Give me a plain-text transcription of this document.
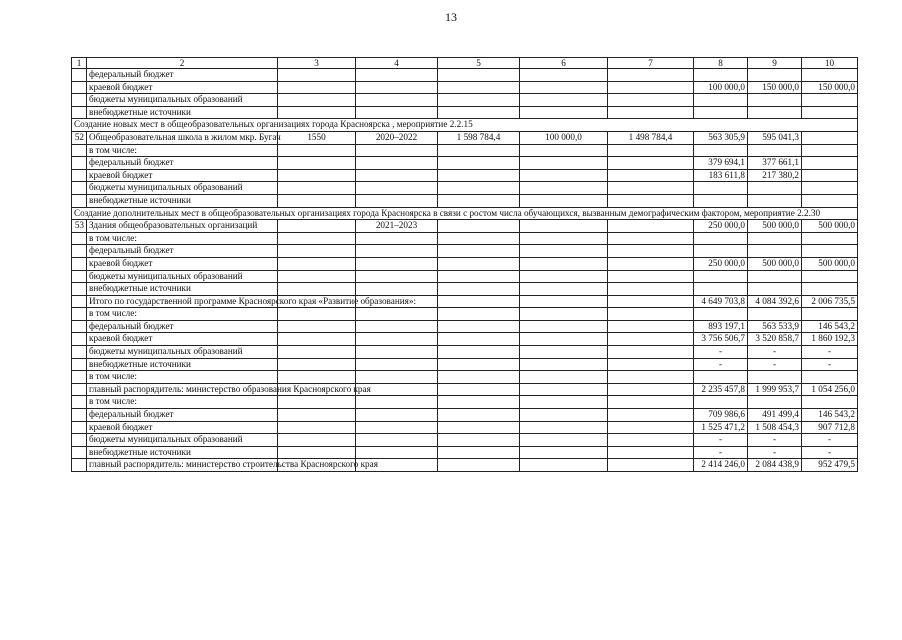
13
1	2	3	4	5	6	7	8	9	10
	федеральный бюджет								
	краевой бюджет						100 000,0	150 000,0	150 000,0
	бюджеты муниципальных образований								
	внебюджетные источники								
Создание новых мест в общеобразовательных организациях города Красноярска , мероприятие 2.2.15									
52	Общеобразовательная школа в жилом мкр. Бугач	1550	2020–2022	1 598 784,4	100 000,0	1 498 784,4	563 305,9	595 041,3	
	в том числе:								
	федеральный бюджет						379 694,1	377 661,1	
	краевой бюджет						183 611,8	217 380,2	
	бюджеты муниципальных образований								
	внебюджетные источники								
Создание дополнительных мест в общеобразовательных организациях города Красноярска в связи с ростом числа обучающихся, вызванным демографическим фактором, мероприятие 2.2.30									
53	Здания общеобразовательных организаций		2021–2023				250 000,0	500 000,0	500 000,0
	в том числе:								
	федеральный бюджет								
	краевой бюджет						250 000,0	500 000,0	500 000,0
	бюджеты муниципальных образований								
	внебюджетные источники								
	Итого по государственной программе Красноярского края «Развитие образования»:						4 649 703,8	4 084 392,6	2 006 735,5
	в том числе:								
	федеральный бюджет						893 197,1	563 533,9	146 543,2
	краевой бюджет						3 756 506,7	3 520 858,7	1 860 192,3
	бюджеты муниципальных образований						-	-	-
	внебюджетные источники						-	-	-
	в том числе:								
	главный распорядитель: министерство образования Красноярского края						2 235 457,8	1 999 953,7	1 054 256,0
	в том числе:								
	федеральный бюджет						709 986,6	491 499,4	146 543,2
	краевой бюджет						1 525 471,2	1 508 454,3	907 712,8
	бюджеты муниципальных образований						-	-	-
	внебюджетные источники						-	-	-
	главный распорядитель: министерство строительства Красноярского края						2 414 246,0	2 084 438,9	952 479,5
